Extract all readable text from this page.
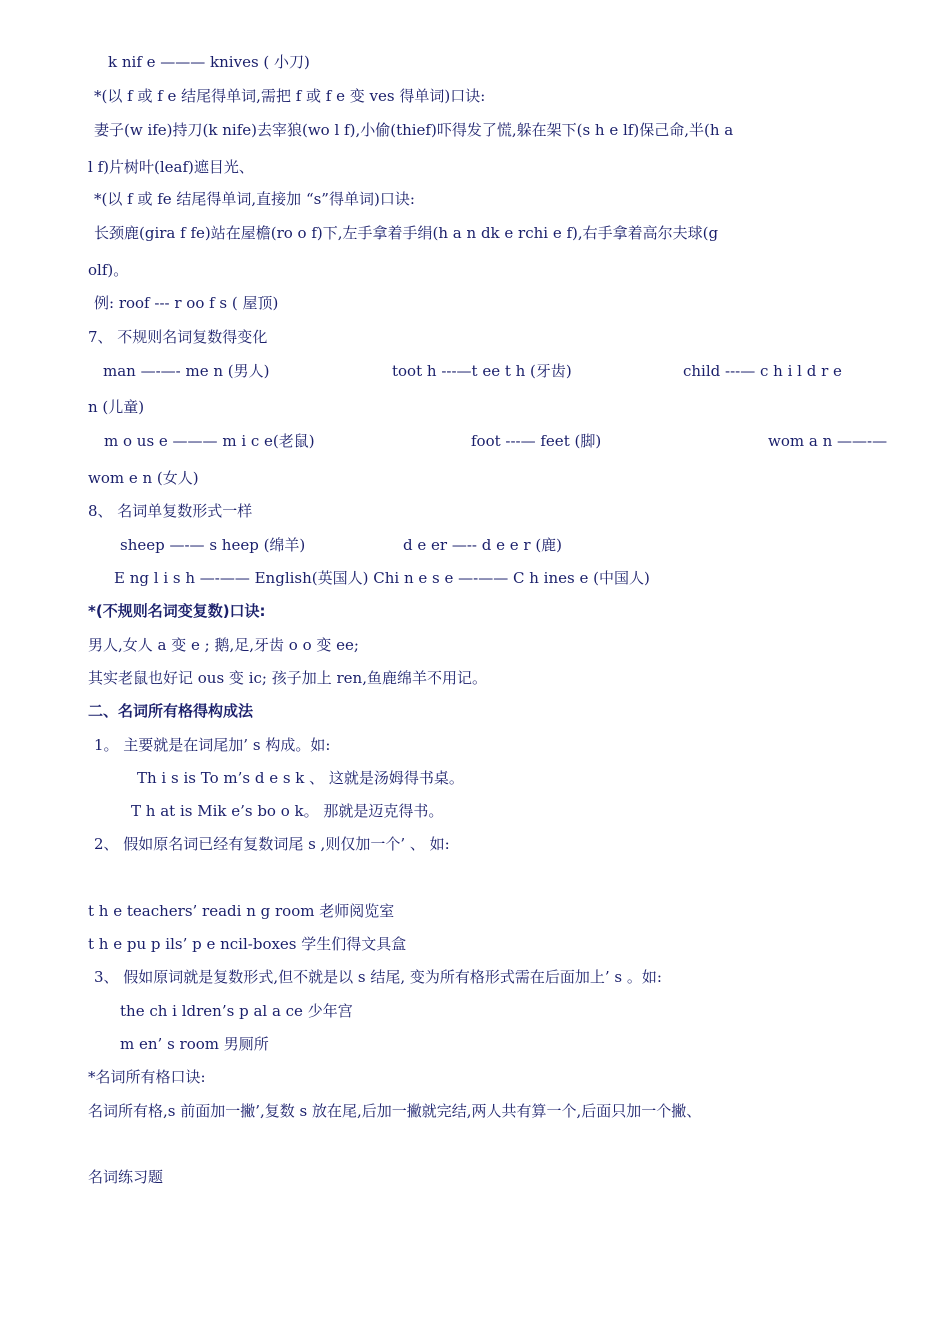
k nif e ——— knives ( 小刀)
*(以 f 或 f e 结尾得单词,需把 f 或 f e 变 ves 得单词)口诀:
妻子(w ife)持刀(k nife)去宰狼(wo l f),小偷(thief)吓得发了慌,躲在架下(s h e lf)保己命,半(h a
l f)片树叶(leaf)遮目光、
*(以 f 或 fe 结尾得单词,直接加 “s”得单词)口诀:
长颈鹿(gira f fe)站在屋檐(ro o f)下,左手拿着手绢(h a n dk e rchi e f),右手拿着高尔夫球(g
olf)。
例: roof --- r oo f s ( 屋顶)
7、 不规则名词复数得变化
man —-—- me n (男人)	toot h ---—t ee t h (牙齿)	child ---— c h i l d r e
n (儿童)
m o us e ——— m i c e(老鼠)	foot ---— feet (脚)	wom a n ——-—
wom e n (女人)
8、 名词单复数形式一样
sheep —-— s heep (绵羊)	d e er —-- d e e r (鹿)
E ng l i s h —-—— English(英国人) Chi n e s e —-—— C h ines e (中国人)
*(不规则名词变复数)口诀:
男人,女人 a 变 e ; 鹅,足,牙齿 o o 变 ee;
其实老鼠也好记 ous 变 ic; 孩子加上 ren,鱼鹿绵羊不用记。
二、名词所有格得构成法
1。 主要就是在词尾加’ s 构成。如:
Th i s is To m’s d e s k 、 这就是汤姆得书桌。
T h at is Mik e’s bo o k。 那就是迈克得书。
2、 假如原名词已经有复数词尾 s ,则仅加一个’ 、 如:
t h e teachers’ readi n g room 老师阅览室
t h e pu p ils’ p e ncil-boxes 学生们得文具盒
3、 假如原词就是复数形式,但不就是以 s 结尾, 变为所有格形式需在后面加上’ s 。如:
the ch i ldren’s p al a ce 少年宫
m en’ s room 男厕所
*名词所有格口诀:
名词所有格,s 前面加一撇’,复数 s 放在尾,后加一撇就完结,两人共有算一个,后面只加一个撇、
名词练习题
